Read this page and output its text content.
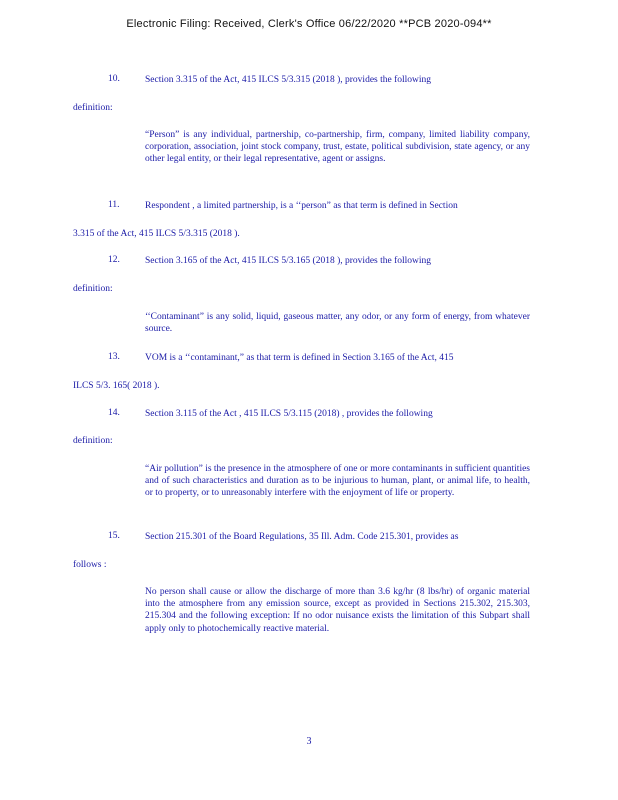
Electronic Filing: Received, Clerk's Office 06/22/2020 **PCB 2020-094**
10.	Section 3.315 of the Act, 415 ILCS 5/3.315 (2018 ), provides the following
definition:
“Person” is any individual, partnership, co-partnership, firm, company, limited liability company, corporation, association, joint stock company, trust, estate, political subdivision, state agency, or any other legal entity, or their legal representative, agent or assigns.
11.	Respondent , a limited partnership, is a ‘‘person” as that term is defined in Section
3.315 of the Act, 415 ILCS 5/3.315 (2018 ).
12.	Section 3.165 of the Act, 415 ILCS 5/3.165 (2018 ), provides the following
definition:
‘‘Contaminant” is any solid, liquid, gaseous matter, any odor, or any form of energy, from whatever source.
13.	VOM is a ‘‘contaminant,” as that term is defined in Section 3.165 of the Act, 415
ILCS 5/3. 165( 2018 ).
14.	Section 3.115 of the Act , 415 ILCS 5/3.115 (2018) , provides the following
definition:
“Air pollution” is the presence in the atmosphere of one or more contaminants in sufficient quantities and of such characteristics and duration as to be injurious to human, plant, or animal life, to health, or to property, or to unreasonably interfere with the enjoyment of life or property.
15.	Section 215.301 of the Board Regulations, 35 Ill. Adm. Code 215.301, provides as
follows :
No person shall cause or allow the discharge of more than 3.6 kg/hr (8 lbs/hr) of organic material into the atmosphere from any emission source, except as provided in Sections 215.302, 215.303, 215.304 and the following exception: If no odor nuisance exists the limitation of this Subpart shall apply only to photochemically reactive material.
3
